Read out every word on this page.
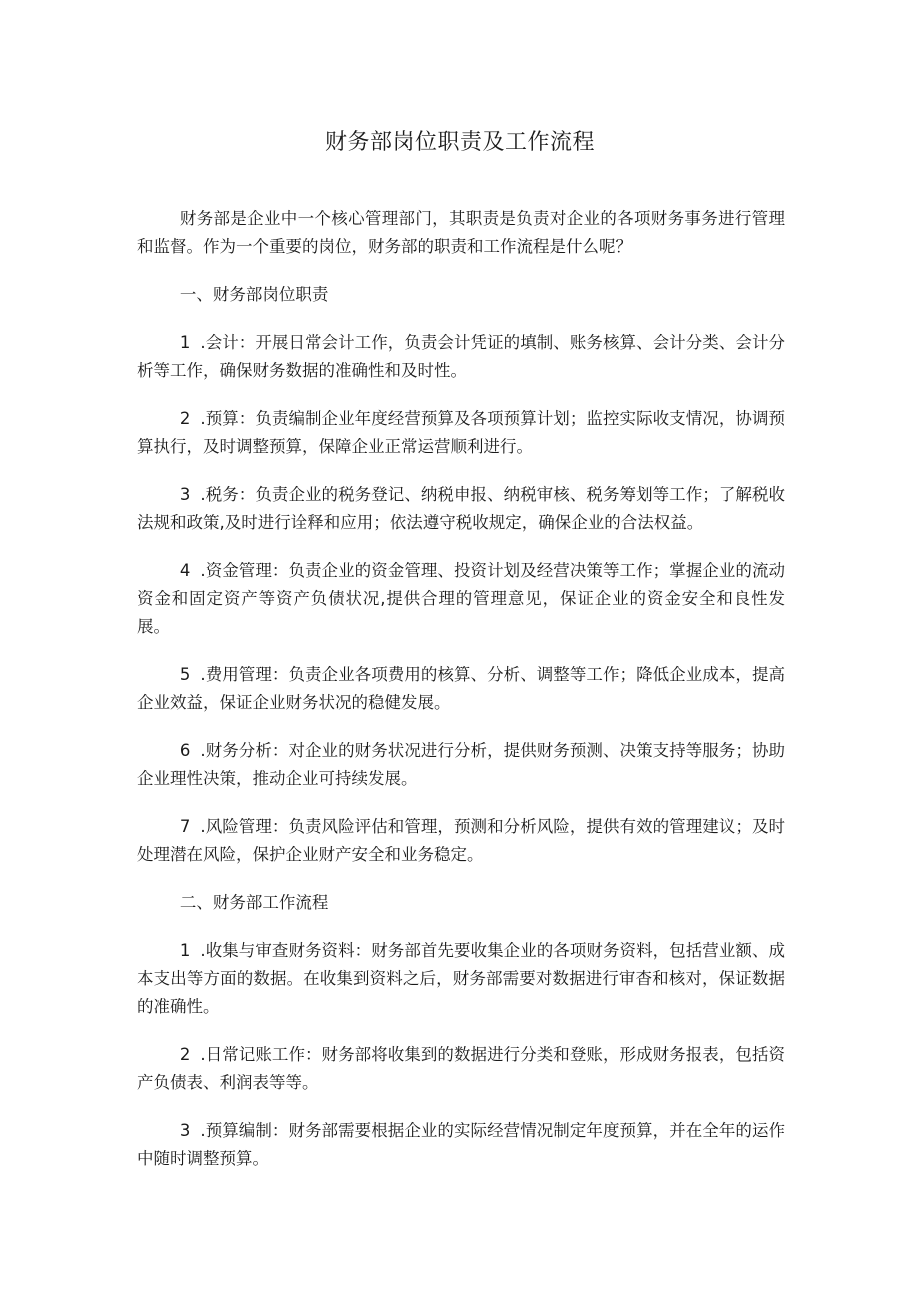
财务部岗位职责及工作流程

财务部是企业中一个核心管理部门，其职责是负责对企业的各项财务事务进行管理和监督。作为一个重要的岗位，财务部的职责和工作流程是什么呢？

一、财务部岗位职责

1 .会计：开展日常会计工作，负责会计凭证的填制、账务核算、会计分类、会计分析等工作，确保财务数据的准确性和及时性。

2 .预算：负责编制企业年度经营预算及各项预算计划；监控实际收支情况，协调预算执行，及时调整预算，保障企业正常运营顺利进行。

3 .税务：负责企业的税务登记、纳税申报、纳税审核、税务筹划等工作；了解税收法规和政策,及时进行诠释和应用；依法遵守税收规定，确保企业的合法权益。

4 .资金管理：负责企业的资金管理、投资计划及经营决策等工作；掌握企业的流动资金和固定资产等资产负债状况,提供合理的管理意见，保证企业的资金安全和良性发展。

5 .费用管理：负责企业各项费用的核算、分析、调整等工作；降低企业成本，提高企业效益，保证企业财务状况的稳健发展。

6 .财务分析：对企业的财务状况进行分析，提供财务预测、决策支持等服务；协助企业理性决策，推动企业可持续发展。

7 .风险管理：负责风险评估和管理，预测和分析风险，提供有效的管理建议；及时处理潜在风险，保护企业财产安全和业务稳定。

二、财务部工作流程

1 .收集与审查财务资料：财务部首先要收集企业的各项财务资料，包括营业额、成本支出等方面的数据。在收集到资料之后，财务部需要对数据进行审杳和核对，保证数据的准确性。

2 .日常记账工作：财务部将收集到的数据进行分类和登账，形成财务报表，包括资产负债表、利润表等等。

3 .预算编制：财务部需要根据企业的实际经营情况制定年度预算，并在全年的运作中随时调整预算。
